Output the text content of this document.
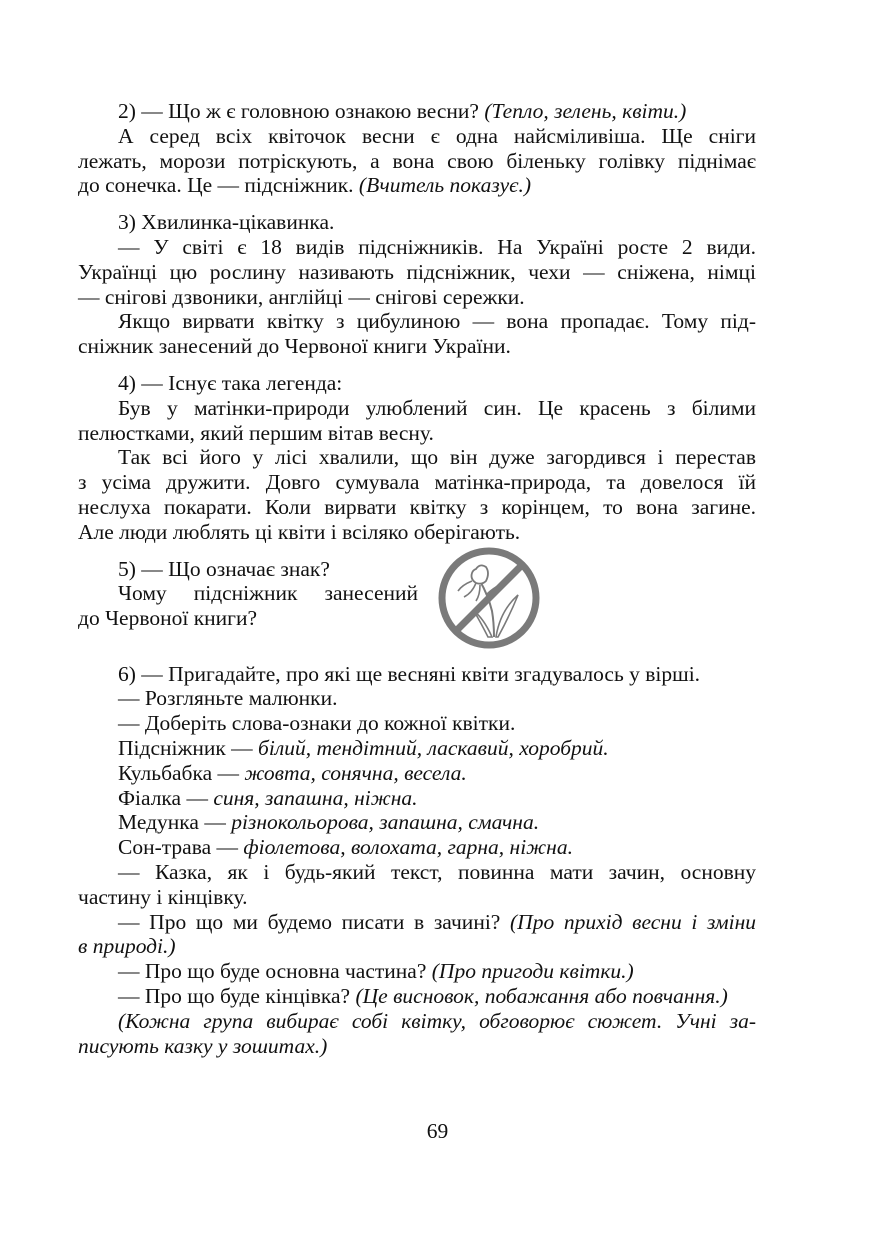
2) — Що ж є головною ознакою весни? (Тепло, зелень, квіти.)

А серед всіх квіточок весни є одна найсміливіша. Ще сніги

лежать, морози потріскують, а вона свою біленьку голівку піднімає

до сонечка. Це — підсніжник. (Вчитель показує.)

3) Хвилинка-цікавинка.

— У світі є 18 видів підсніжників. На Україні росте 2 види.

Українці цю рослину називають підсніжник, чехи — сніжена, німці

— снігові дзвоники, англійці — снігові сережки.

Якщо вирвати квітку з цибулиною — вона пропадає. Тому під-

сніжник занесений до Червоної книги України.

4) — Існує така легенда:

Був у матінки-природи улюблений син. Це красень з білими

пелюстками, який першим вітав весну.

Так всі його у лісі хвалили, що він дуже загордився і перестав

з усіма дружити. Довго сумувала матінка-природа, та довелося їй

неслуха покарати. Коли вирвати квітку з корінцем, то вона загине.

Але люди люблять ці квіти і всіляко оберігають.

5) — Що означає знак?

Чому підсніжник занесений

до Червоної книги?

6) — Пригадайте, про які ще весняні квіти згадувалось у вірші.

— Розгляньте малюнки.

— Доберіть слова-ознаки до кожної квітки.

Підсніжник — білий, тендітний, ласкавий, хоробрий.

Кульбабка — жовта, сонячна, весела.

Фіалка — синя, запашна, ніжна.

Медунка — різнокольорова, запашна, смачна.

Сон-трава — фіолетова, волохата, гарна, ніжна.

— Казка, як і будь-який текст, повинна мати зачин, основну

частину і кінцівку.

— Про що ми будемо писати в зачині? (Про прихід весни і зміни

в природі.)

— Про що буде основна частина? (Про пригоди квітки.)

— Про що буде кінцівка? (Це висновок, побажання або повчання.)

(Кожна група вибирає собі квітку, обговорює сюжет. Учні за-

писують казку у зошитах.)

69
